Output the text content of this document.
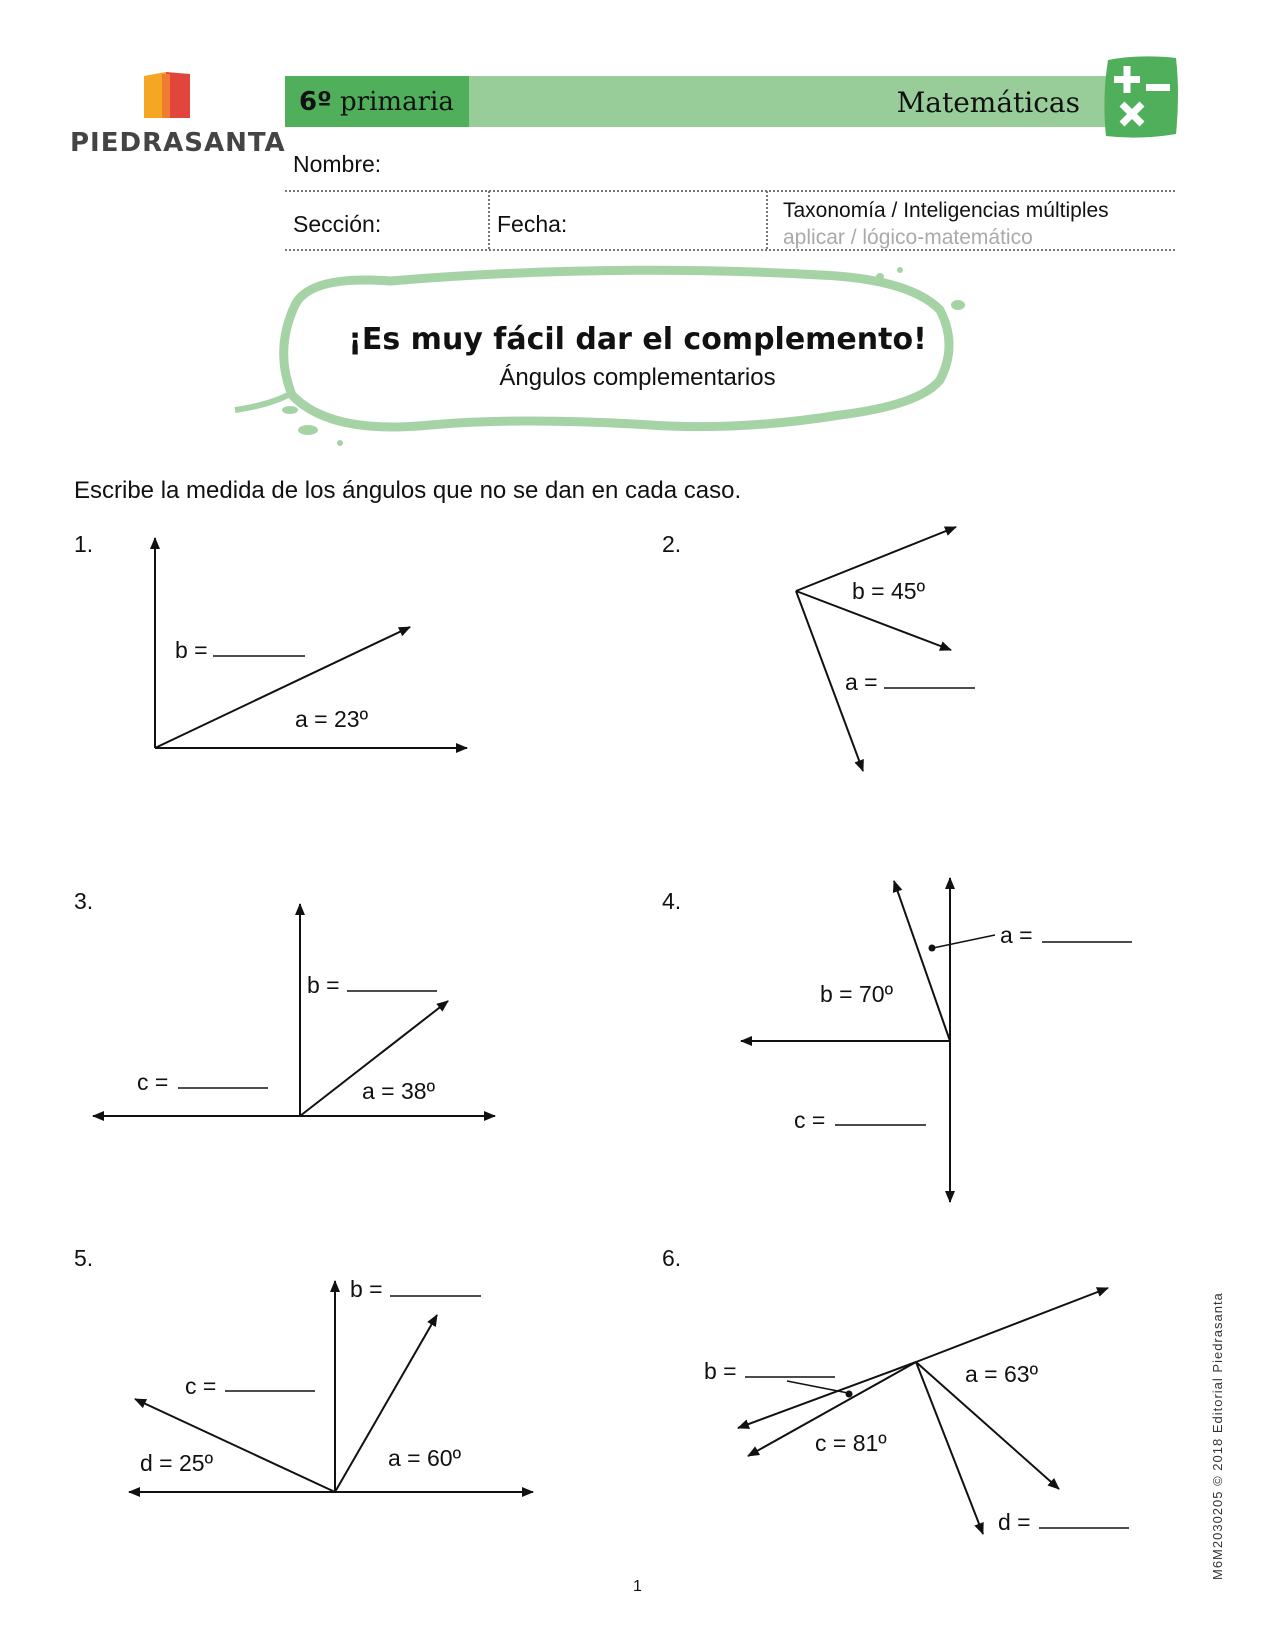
PIEDRASANTA
6º primaria	Matemáticas
Nombre:
Sección:	Fecha:
Taxonomía / Inteligencias múltiples
aplicar / lógico-matemático
¡Es muy fácil dar el complemento!
Ángulos complementarios
Escribe la medida de los ángulos que no se dan en cada caso.
1.	2.
3.	4.
5.	6.
b =
a = 23º
b = 45º
a =
b =
a = 38º
c =
a =
b = 70º
c =
b =
c =
d = 25º	a = 60º
b =	a = 63º
c = 81º
d =
1
M6M2030205 © 2018 Editorial Piedrasanta
